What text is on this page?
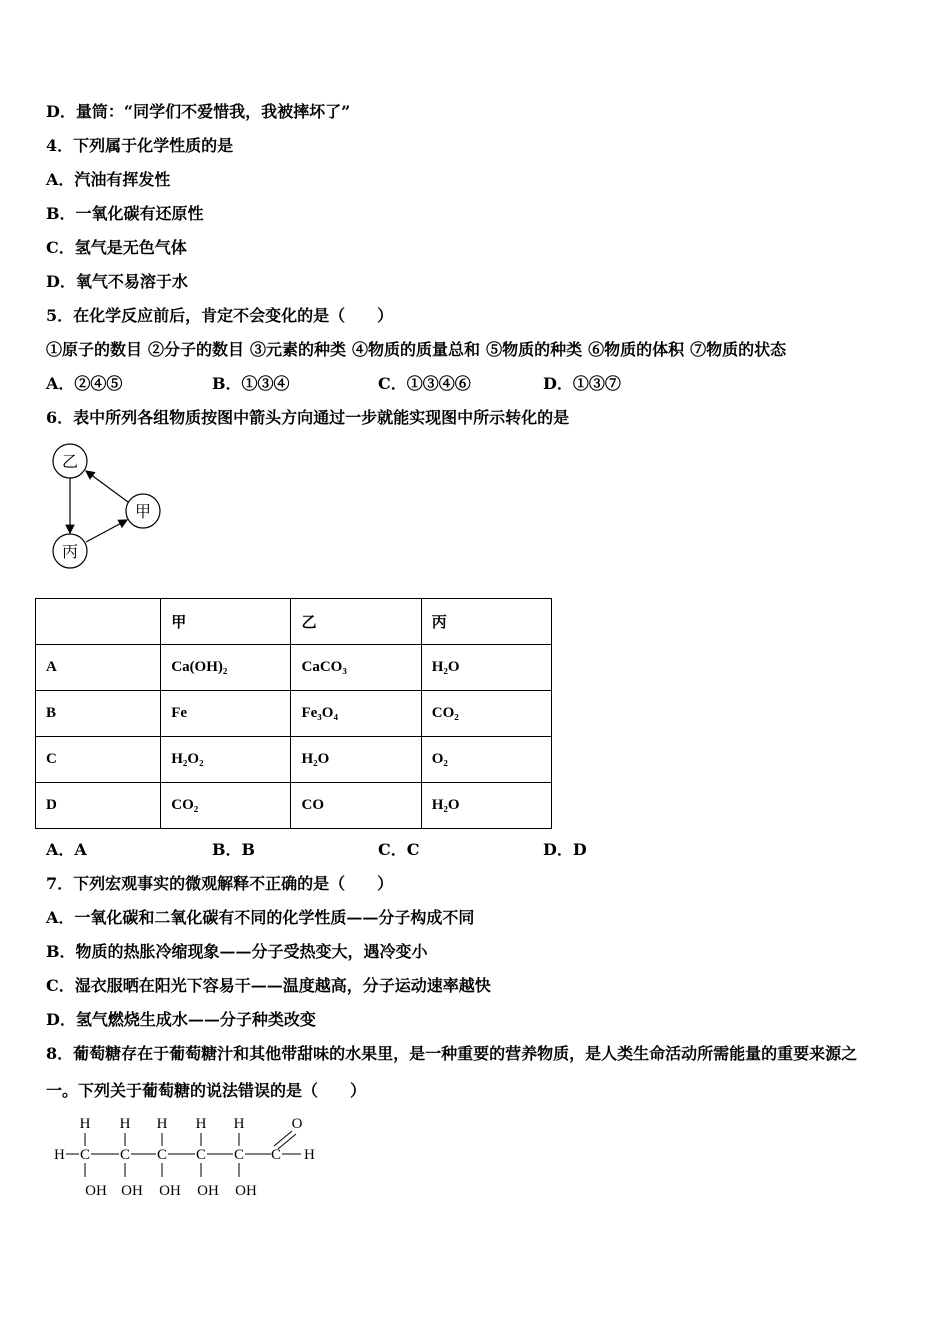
D．量筒：“同学们不爱惜我，我被摔坏了”
4．下列属于化学性质的是
A．汽油有挥发性
B．一氧化碳有还原性
C．氢气是无色气体
D．氧气不易溶于水
5．在化学反应前后，肯定不会变化的是（　　）
①原子的数目 ②分子的数目 ③元素的种类 ④物质的质量总和 ⑤物质的种类 ⑥物质的体积 ⑦物质的状态
A．②④⑤	B．①③④	C．①③④⑥	D．①③⑦
6．表中所列各组物质按图中箭头方向通过一步就能实现图中所示转化的是
乙
甲
丙
	甲	乙	丙
A	Ca(OH)₂	CaCO₃	H₂O
B	Fe	Fe₃O₄	CO₂
C	H₂O₂	H₂O	O₂
D	CO₂	CO	H₂O
A．A	B．B	C．C	D．D
7．下列宏观事实的微观解释不正确的是（　　）
A．一氧化碳和二氧化碳有不同的化学性质——分子构成不同
B．物质的热胀冷缩现象——分子受热变大，遇冷变小
C．湿衣服晒在阳光下容易干——温度越高，分子运动速率越快
D．氢气燃烧生成水——分子种类改变
8．葡萄糖存在于葡萄糖汁和其他带甜味的水果里，是一种重要的营养物质，是人类生命活动所需能量的重要来源之
一。下列关于葡萄糖的说法错误的是（　　）
H H H H H	O
H C C C C C C H
OH OH OH OH OH
